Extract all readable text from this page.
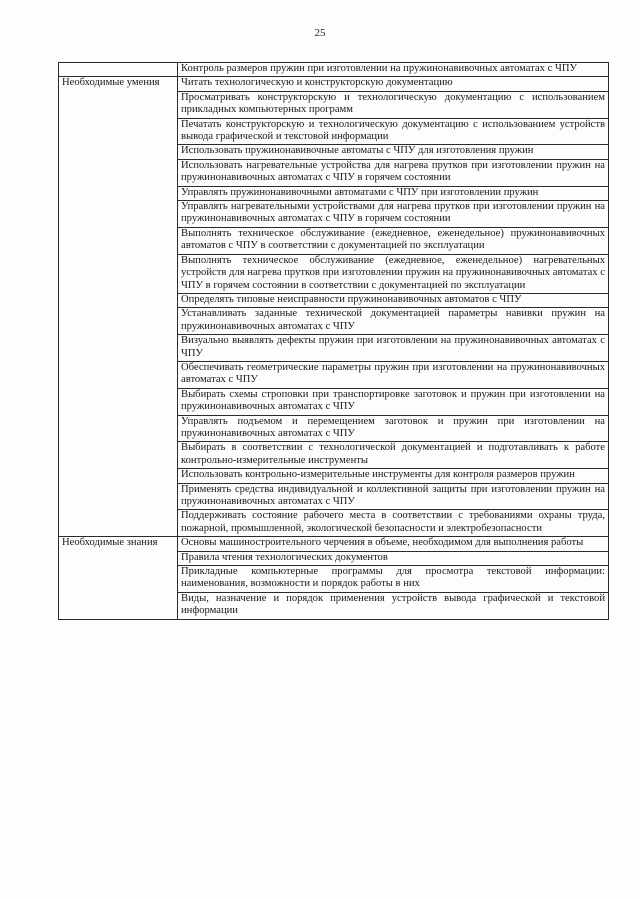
25
	Контроль размеров пружин при изготовлении на пружинонавивочных автоматах с ЧПУ
Необходимые умения	Читать технологическую и конструкторскую документацию
	Просматривать конструкторскую и технологическую документацию с использованием прикладных компьютерных программ
	Печатать конструкторскую и технологическую документацию с использованием устройств вывода графической и текстовой информации
	Использовать пружинонавивочные автоматы с ЧПУ для изготовления пружин
	Использовать нагревательные устройства для нагрева прутков при изготовлении пружин на пружинонавивочных автоматах с ЧПУ в горячем состоянии
	Управлять пружинонавивочными автоматами с ЧПУ при изготовлении пружин
	Управлять нагревательными устройствами для нагрева прутков при изготовлении пружин на пружинонавивочных автоматах с ЧПУ в горячем состоянии
	Выполнять техническое обслуживание (ежедневное, еженедельное) пружинонавивочных автоматов с ЧПУ в соответствии с документацией по эксплуатации
	Выполнять техническое обслуживание (ежедневное, еженедельное) нагревательных устройств для нагрева прутков при изготовлении пружин на пружинонавивочных автоматах с ЧПУ в горячем состоянии в соответствии с документацией по эксплуатации
	Определять типовые неисправности пружинонавивочных автоматов с ЧПУ
	Устанавливать заданные технической документацией параметры навивки пружин на пружинонавивочных автоматах с ЧПУ
	Визуально выявлять дефекты пружин при изготовлении на пружинонавивочных автоматах с ЧПУ
	Обеспечивать геометрические параметры пружин при изготовлении на пружинонавивочных автоматах с ЧПУ
	Выбирать схемы строповки при транспортировке заготовок и пружин при изготовлении на пружинонавивочных автоматах с ЧПУ
	Управлять подъемом и перемещением заготовок и пружин при изготовлении на пружинонавивочных автоматах с ЧПУ
	Выбирать в соответствии с технологической документацией и подготавливать к работе контрольно-измерительные инструменты
	Использовать контрольно-измерительные инструменты для контроля размеров пружин
	Применять средства индивидуальной и коллективной защиты при изготовлении пружин на пружинонавивочных автоматах с ЧПУ
	Поддерживать состояние рабочего места в соответствии с требованиями охраны труда, пожарной, промышленной, экологической безопасности и электробезопасности
Необходимые знания	Основы машиностроительного черчения в объеме, необходимом для выполнения работы
	Правила чтения технологических документов
	Прикладные компьютерные программы для просмотра текстовой информации: наименования, возможности и порядок работы в них
	Виды, назначение и порядок применения устройств вывода графической и текстовой информации
